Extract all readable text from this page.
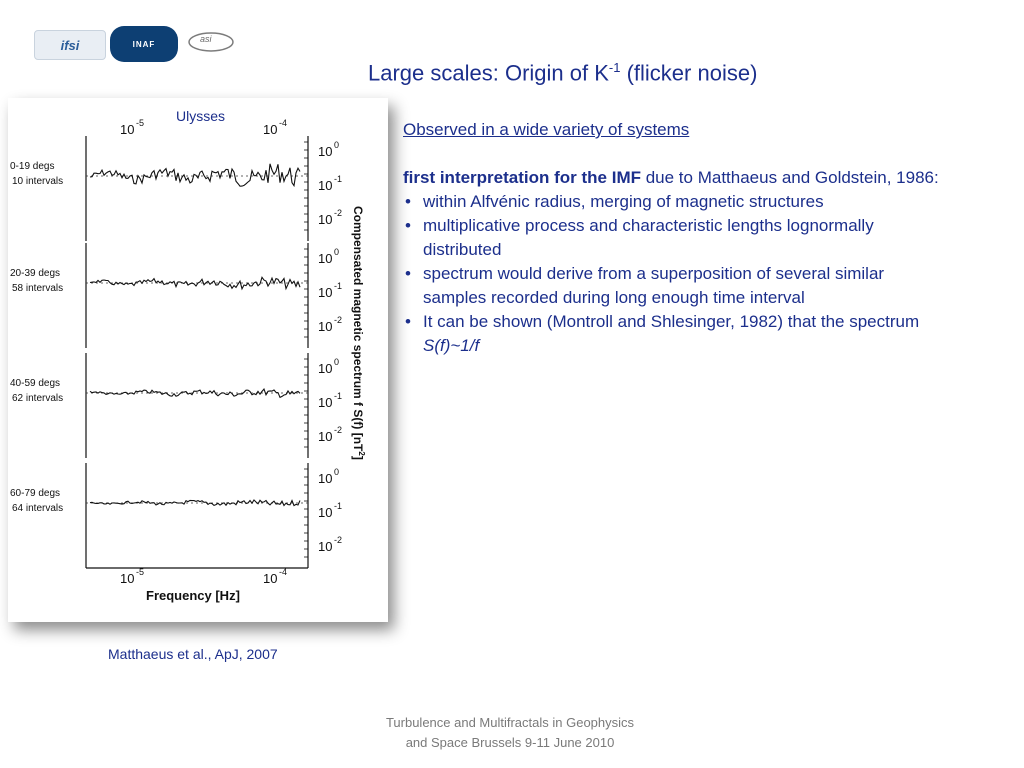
ifsi	INAF	asi
Large scales: Origin of $K^{-1}$ (flicker noise)
10 -5	10 -4
10 -5	10 -4
Frequency [Hz]
0-19 degs
10 intervals
10 0
10 -1
10 -2
20-39 degs
58 intervals
10 0
10 -1
10 -2
40-59 degs
62 intervals
10 0
10 -1
10 -2
60-79 degs
64 intervals
10 0
10 -1
10 -2
Compensated magnetic spectrum f S(f) $[nT^2]$
Ulysses
Matthaeus et al., ApJ, 2007
Observed in a wide variety of systems
first interpretation for the IMF due to Matthaeus and Goldstein, 1986:
• within Alfvénic radius, merging of magnetic structures
• multiplicative process and characteristic lengths lognormally distributed
• spectrum would derive from a superposition of several similar samples recorded during long enough time interval
• It can be shown (Montroll and Shlesinger, 1982) that the spectrum S(f)~1/f
Turbulence and Multifractals in Geophysics
and Space Brussels 9-11 June 2010
